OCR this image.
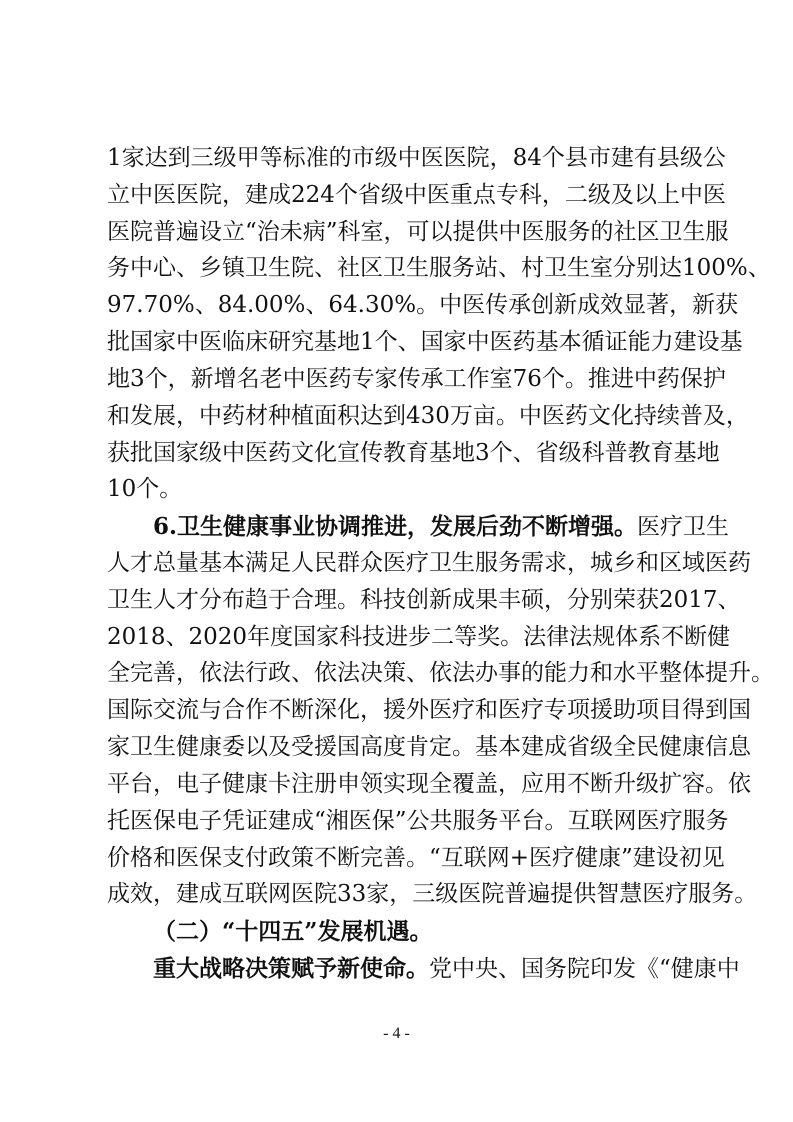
1家达到三级甲等标准的市级中医医院，84个县市建有县级公
立中医医院，建成224个省级中医重点专科，二级及以上中医
医院普遍设立“治未病”科室，可以提供中医服务的社区卫生服
务中心、乡镇卫生院、社区卫生服务站、村卫生室分别达100%、
97.70%、84.00%、64.30%。中医传承创新成效显著，新获
批国家中医临床研究基地1个、国家中医药基本循证能力建设基
地3个，新增名老中医药专家传承工作室76个。推进中药保护
和发展，中药材种植面积达到430万亩。中医药文化持续普及，
获批国家级中医药文化宣传教育基地3个、省级科普教育基地
10个。
6.卫生健康事业协调推进，发展后劲不断增强。医疗卫生
人才总量基本满足人民群众医疗卫生服务需求，城乡和区域医药
卫生人才分布趋于合理。科技创新成果丰硕，分别荣获2017、
2018、2020年度国家科技进步二等奖。法律法规体系不断健
全完善，依法行政、依法决策、依法办事的能力和水平整体提升。
国际交流与合作不断深化，援外医疗和医疗专项援助项目得到国
家卫生健康委以及受援国高度肯定。基本建成省级全民健康信息
平台，电子健康卡注册申领实现全覆盖，应用不断升级扩容。依
托医保电子凭证建成“湘医保”公共服务平台。互联网医疗服务
价格和医保支付政策不断完善。“互联网+医疗健康”建设初见
成效，建成互联网医院33家，三级医院普遍提供智慧医疗服务。
（二）“十四五”发展机遇。
重大战略决策赋予新使命。党中央、国务院印发《“健康中
- 4 -
